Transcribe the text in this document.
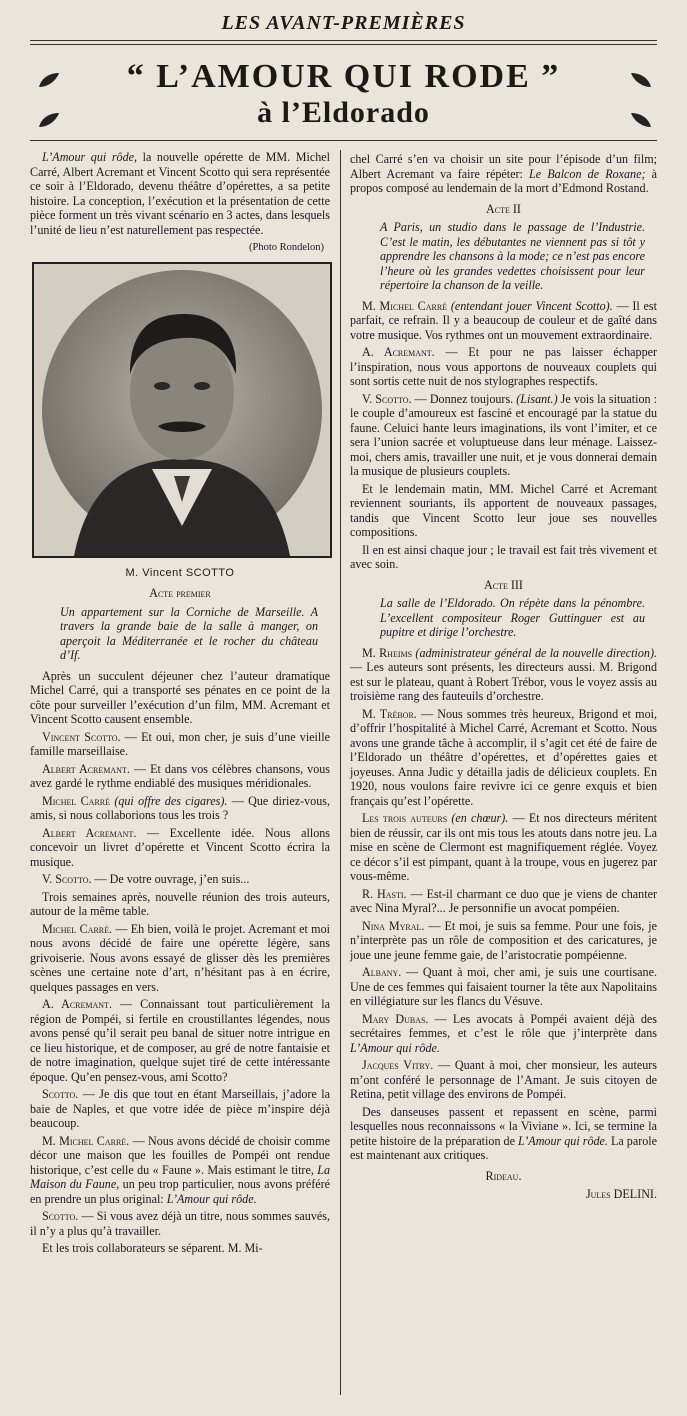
LES AVANT-PREMIÈRES
“ L’AMOUR QUI RODE ”
à l’Eldorado

L’Amour qui rôde, la nouvelle opérette de MM. Michel Carré, Albert Acremant et Vincent Scotto qui sera représentée ce soir à l’Eldorado, devenu théâtre d’opérettes, a sa petite histoire. La conception, l’exécution et la présentation de cette pièce forment un très vivant scénario en 3 actes, dans lesquels l’unité de lieu n’est naturellement pas respectée.

(Photo Rondelon)
M. Vincent SCOTTO

Acte premier

Un appartement sur la Corniche de Marseille. A travers la grande baie de la salle à manger, on aperçoit la Méditerranée et le rocher du château d’If.

Après un succulent déjeuner chez l’auteur dramatique Michel Carré, qui a transporté ses pénates en ce point de la côte pour surveiller l’exécution d’un film, MM. Acremant et Vincent Scotto causent ensemble.

Vincent Scotto. — Et oui, mon cher, je suis d’une vieille famille marseillaise.

Albert Acremant. — Et dans vos célèbres chansons, vous avez gardé le rythme endiablé des musiques méridionales.

Michel Carré (qui offre des cigares). — Que diriez-vous, amis, si nous collaborions tous les trois ?

Albert Acremant. — Excellente idée. Nous allons concevoir un livret d’opérette et Vincent Scotto écrira la musique.

V. Scotto. — De votre ouvrage, j’en suis...

Trois semaines après, nouvelle réunion des trois auteurs, autour de la même table.

Michel Carré. — Eh bien, voilà le projet. Acremant et moi nous avons décidé de faire une opérette légère, sans grivoiserie. Nous avons essayé de glisser dès les premières scènes une certaine note d’art, n’hésitant pas à en écrire, quelques passages en vers.

A. Acremant. — Connaissant tout particulièrement la région de Pompéi, si fertile en croustillantes légendes, nous avons pensé qu’il serait peu banal de situer notre intrigue en ce lieu historique, et de composer, au gré de notre fantaisie et de notre imagination, quelque sujet tiré de cette intéressante époque. Qu’en pensez-vous, ami Scotto?

Scotto. — Je dis que tout en étant Marseillais, j’adore la baie de Naples, et que votre idée de pièce m’inspire déjà beaucoup.

M. Michel Carré. — Nous avons décidé de choisir comme décor une maison que les fouilles de Pompéi ont rendue historique, c’est celle du « Faune ». Mais estimant le titre, La Maison du Faune, un peu trop particulier, nous avons préféré en prendre un plus original: L’Amour qui rôde.

Scotto. — Si vous avez déjà un titre, nous sommes sauvés, il n’y a plus qu’à travailler.

Et les trois collaborateurs se séparent. M. Mi-

chel Carré s’en va choisir un site pour l’épisode d’un film; Albert Acremant va faire répéter: Le Balcon de Roxane; à propos composé au lendemain de la mort d’Edmond Rostand.

Acte II

A Paris, un studio dans le passage de l’Industrie. C’est le matin, les débutantes ne viennent pas si tôt y apprendre les chansons à la mode; ce n’est pas encore l’heure où les grandes vedettes choisissent pour leur répertoire la chanson de la veille.

M. Michel Carré (entendant jouer Vincent Scotto). — Il est parfait, ce refrain. Il y a beaucoup de couleur et de gaîté dans votre musique. Vos rythmes ont un mouvement extraordinaire.

A. Acremant. — Et pour ne pas laisser échapper l’inspiration, nous vous apportons de nouveaux couplets qui sont sortis cette nuit de nos stylographes respectifs.

V. Scotto. — Donnez toujours. (Lisant.) Je vois la situation : le couple d’amoureux est fasciné et encouragé par la statue du faune. Celuici hante leurs imaginations, ils vont l’imiter, et ce sera l’union sacrée et voluptueuse dans leur ménage. Laissez-moi, chers amis, travailler une nuit, et je vous donnerai demain la musique de plusieurs couplets.

Et le lendemain matin, MM. Michel Carré et Acremant reviennent souriants, ils apportent de nouveaux passages, tandis que Vincent Scotto leur joue ses nouvelles compositions.

Il en est ainsi chaque jour ; le travail est fait très vivement et avec soin.

Acte III

La salle de l’Eldorado. On répète dans la pénombre. L’excellent compositeur Roger Guttinguer est au pupitre et dirige l’orchestre.

M. Rheims (administrateur général de la nouvelle direction). — Les auteurs sont présents, les directeurs aussi. M. Brigond est sur le plateau, quant à Robert Trébor, vous le voyez assis au troisième rang des fauteuils d’orchestre.

M. Trébor. — Nous sommes très heureux, Brigond et moi, d’offrir l’hospitalité à Michel Carré, Acremant et Scotto. Nous avons une grande tâche à accomplir, il s’agit cet été de faire de l’Eldorado un théâtre d’opérettes, et d’opérettes gaies et joyeuses. Anna Judic y détailla jadis de délicieux couplets. En 1920, nous voulons faire revivre ici ce genre exquis et bien français qu’est l’opérette.

Les trois auteurs (en chœur). — Et nos directeurs méritent bien de réussir, car ils ont mis tous les atouts dans notre jeu. La mise en scène de Clermont est magnifiquement réglée. Voyez ce décor s’il est pimpant, quant à la troupe, vous en jugerez par vous-même.

R. Hasti. — Est-il charmant ce duo que je viens de chanter avec Nina Myral?... Je personnifie un avocat pompéien.

Nina Myral. — Et moi, je suis sa femme. Pour une fois, je n’interprète pas un rôle de composition et des caricatures, je joue une jeune femme gaie, de l’aristocratie pompéienne.

Albany. — Quant à moi, cher ami, je suis une courtisane. Une de ces femmes qui faisaient tourner la tête aux Napolitains en villégiature sur les flancs du Vésuve.

Mary Dubas. — Les avocats à Pompéi avaient déjà des secrétaires femmes, et c’est le rôle que j’interprète dans L’Amour qui rôde.

Jacques Vitry. — Quant à moi, cher monsieur, les auteurs m’ont conféré le personnage de l’Amant. Je suis citoyen de Retina, petit village des environs de Pompéi.

Des danseuses passent et repassent en scène, parmi lesquelles nous reconnaissons « la Viviane ». Ici, se termine la petite histoire de la préparation de L’Amour qui rôde. La parole est maintenant aux critiques.

Rideau.

Jules DELINI.
